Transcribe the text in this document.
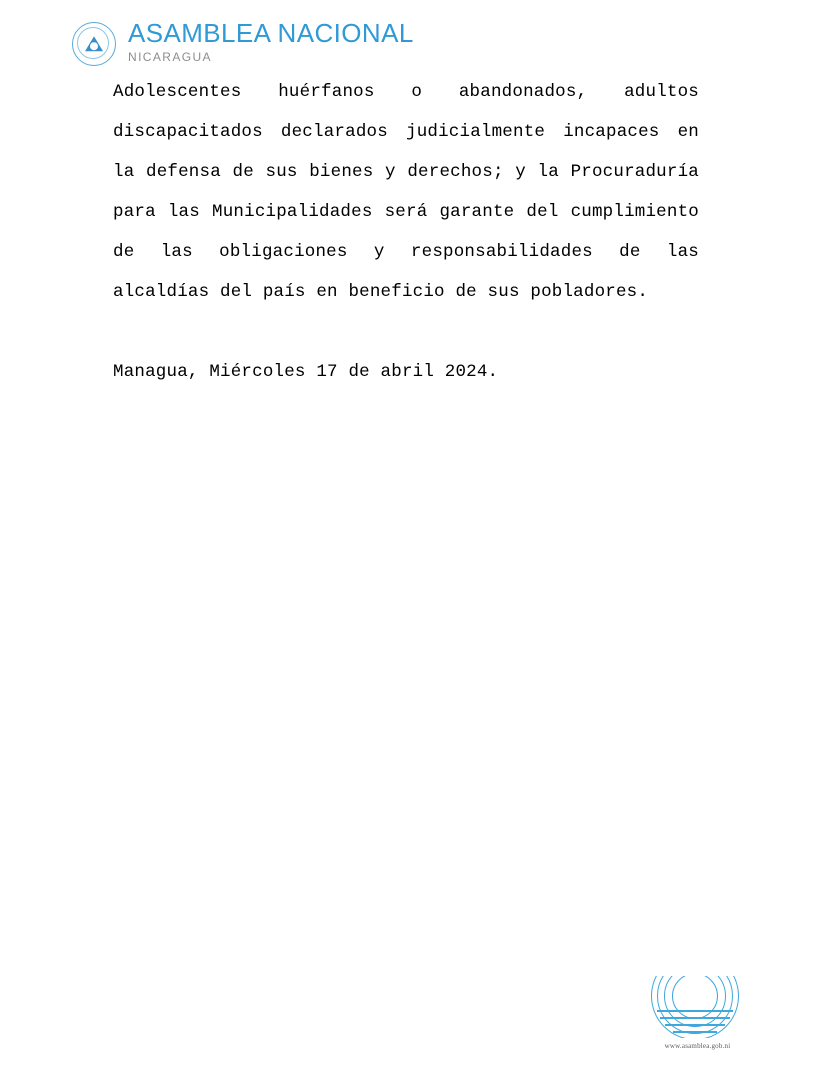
ASAMBLEA NACIONAL
NICARAGUA

Adolescentes huérfanos o abandonados, adultos discapacitados declarados judicialmente incapaces en la defensa de sus bienes y derechos; y la Procuraduría para las Municipalidades será garante del cumplimiento de las obligaciones y responsabilidades de las alcaldías del país en beneficio de sus pobladores.

Managua, Miércoles 17 de abril 2024.

www.asamblea.gob.ni
